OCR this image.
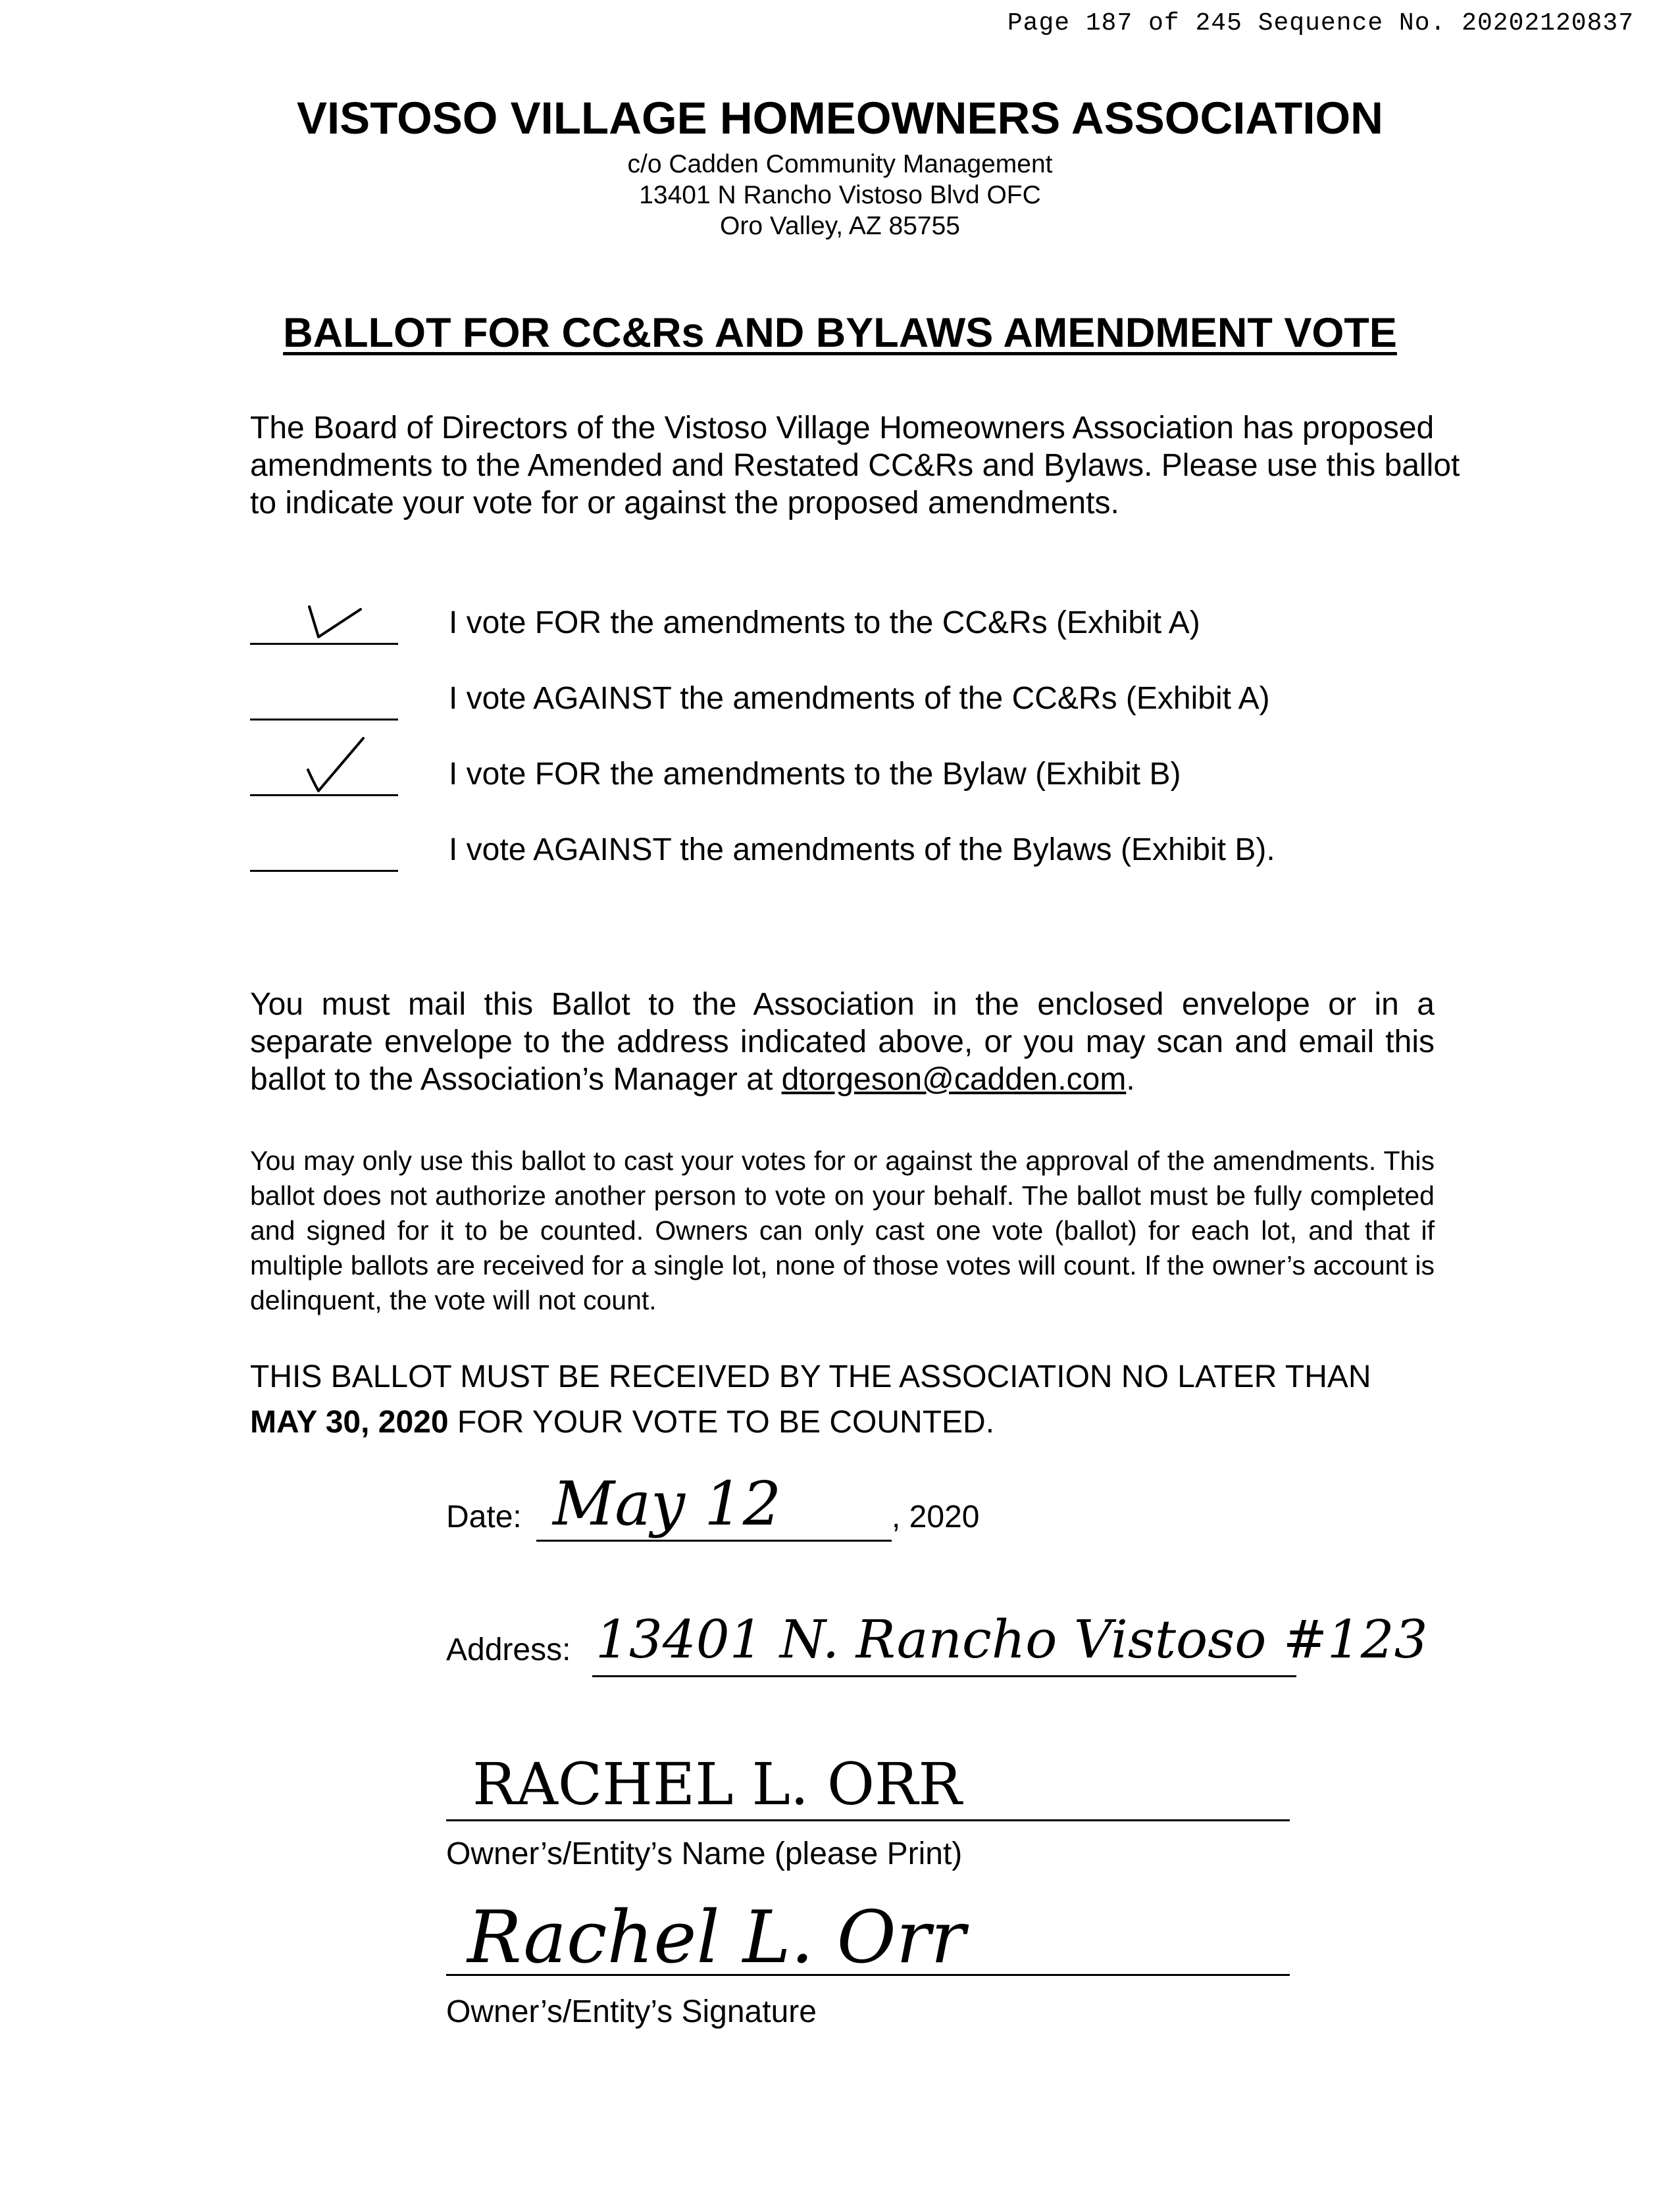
Page 187 of 245 Sequence No. 20202120837
VISTOSO VILLAGE HOMEOWNERS ASSOCIATION
c/o Cadden Community Management
13401 N Rancho Vistoso Blvd OFC
Oro Valley, AZ 85755
BALLOT FOR CC&Rs AND BYLAWS AMENDMENT VOTE
The Board of Directors of the Vistoso Village Homeowners Association has proposed amendments to the Amended and Restated CC&Rs and Bylaws. Please use this ballot to indicate your vote for or against the proposed amendments.
I vote FOR the amendments to the CC&Rs (Exhibit A)
I vote AGAINST the amendments of the CC&Rs (Exhibit A)
I vote FOR the amendments to the Bylaw (Exhibit B)
I vote AGAINST the amendments of the Bylaws (Exhibit B).
You must mail this Ballot to the Association in the enclosed envelope or in a separate envelope to the address indicated above, or you may scan and email this ballot to the Association’s Manager at dtorgeson@cadden.com.
You may only use this ballot to cast your votes for or against the approval of the amendments. This ballot does not authorize another person to vote on your behalf. The ballot must be fully completed and signed for it to be counted. Owners can only cast one vote (ballot) for each lot, and that if multiple ballots are received for a single lot, none of those votes will count. If the owner’s account is delinquent, the vote will not count.
THIS BALLOT MUST BE RECEIVED BY THE ASSOCIATION NO LATER THAN
MAY 30, 2020 FOR YOUR VOTE TO BE COUNTED.
Date: May 12	, 2020
Address: 13401 N. Rancho Vistoso #123
RACHEL L. ORR
Owner’s/Entity’s Name (please Print)
Rachel L. Orr
Owner’s/Entity’s Signature
